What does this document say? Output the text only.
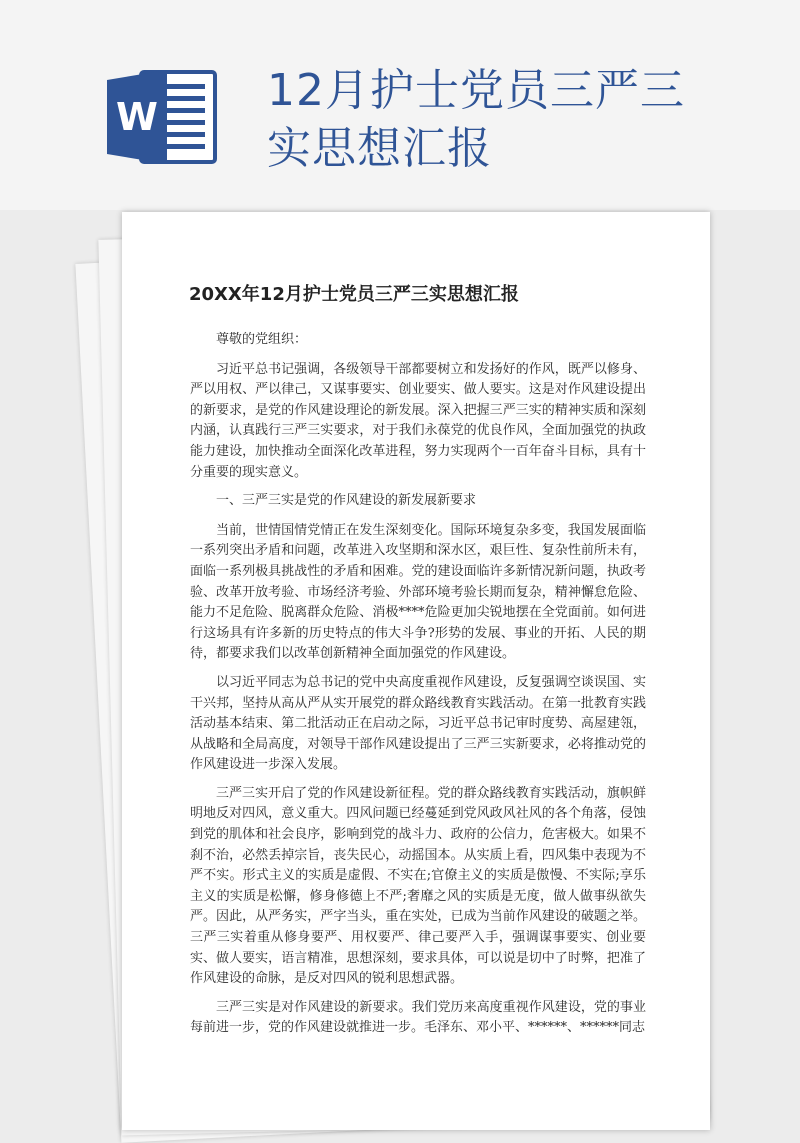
W
12月护士党员三严三
实思想汇报
20XX年12月护士党员三严三实思想汇报

尊敬的党组织：

习近平总书记强调，各级领导干部都要树立和发扬好的作风，既严以修身、严以用权、严以律己，又谋事要实、创业要实、做人要实。这是对作风建设提出的新要求，是党的作风建设理论的新发展。深入把握三严三实的精神实质和深刻内涵，认真践行三严三实要求，对于我们永葆党的优良作风，全面加强党的执政能力建设，加快推动全面深化改革进程，努力实现两个一百年奋斗目标，具有十分重要的现实意义。

一、三严三实是党的作风建设的新发展新要求

当前，世情国情党情正在发生深刻变化。国际环境复杂多变，我国发展面临一系列突出矛盾和问题，改革进入攻坚期和深水区，艰巨性、复杂性前所未有，面临一系列极具挑战性的矛盾和困难。党的建设面临许多新情况新问题，执政考验、改革开放考验、市场经济考验、外部环境考验长期而复杂，精神懈怠危险、能力不足危险、脱离群众危险、消极****危险更加尖锐地摆在全党面前。如何进行这场具有许多新的历史特点的伟大斗争?形势的发展、事业的开拓、人民的期待，都要求我们以改革创新精神全面加强党的作风建设。

以习近平同志为总书记的党中央高度重视作风建设，反复强调空谈误国、实干兴邦，坚持从高从严从实开展党的群众路线教育实践活动。在第一批教育实践活动基本结束、第二批活动正在启动之际，习近平总书记审时度势、高屋建瓴，从战略和全局高度，对领导干部作风建设提出了三严三实新要求，必将推动党的作风建设进一步深入发展。

三严三实开启了党的作风建设新征程。党的群众路线教育实践活动，旗帜鲜明地反对四风，意义重大。四风问题已经蔓延到党风政风社风的各个角落，侵蚀到党的肌体和社会良序，影响到党的战斗力、政府的公信力，危害极大。如果不刹不治，必然丢掉宗旨，丧失民心，动摇国本。从实质上看，四风集中表现为不严不实。形式主义的实质是虚假、不实在;官僚主义的实质是傲慢、不实际;享乐主义的实质是松懈，修身修德上不严;奢靡之风的实质是无度，做人做事纵欲失严。因此，从严务实，严字当头，重在实处，已成为当前作风建设的破题之举。三严三实着重从修身要严、用权要严、律己要严入手，强调谋事要实、创业要实、做人要实，语言精准，思想深刻，要求具体，可以说是切中了时弊，把准了作风建设的命脉，是反对四风的锐利思想武器。

三严三实是对作风建设的新要求。我们党历来高度重视作风建设，党的事业每前进一步，党的作风建设就推进一步。毛泽东、邓小平、******、******同志
